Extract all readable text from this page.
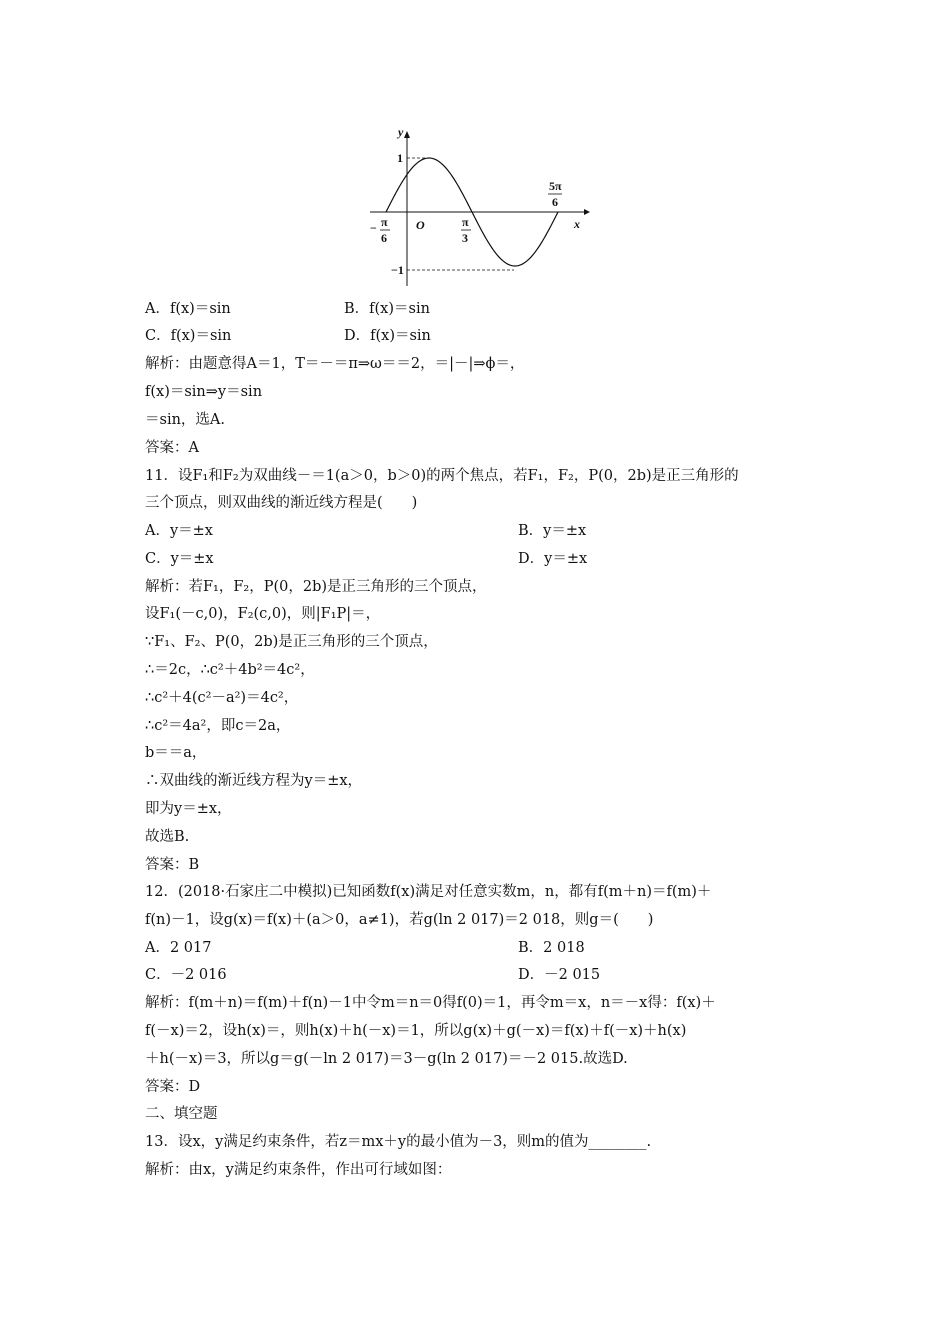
y
x
O
1
−1
− π
6
π
3
5π
6
A．f(x)＝sin	B．f(x)＝sin
C．f(x)＝sin	D．f(x)＝sin
解析：由题意得A＝1，T＝－＝π⇒ω＝＝2，＝|－|⇒ϕ＝，
f(x)＝sin⇒y＝sin
＝sin，选A.
答案：A
11．设F₁和F₂为双曲线－＝1(a＞0，b＞0)的两个焦点，若F₁，F₂，P(0，2b)是正三角形的
三个顶点，则双曲线的渐近线方程是(　　)
A．y＝±x	B．y＝±x
C．y＝±x	D．y＝±x
解析：若F₁，F₂，P(0，2b)是正三角形的三个顶点，
设F₁(－c,0)，F₂(c,0)，则|F₁P|＝，
∵F₁、F₂、P(0，2b)是正三角形的三个顶点，
∴＝2c，∴c²＋4b²＝4c²，
∴c²＋4(c²－a²)＝4c²，
∴c²＝4a²，即c＝2a，
b＝＝a，
∴双曲线的渐近线方程为y＝±x，
即为y＝±x，
故选B.
答案：B
12．(2018·石家庄二中模拟)已知函数f(x)满足对任意实数m，n，都有f(m＋n)＝f(m)＋
f(n)－1，设g(x)＝f(x)＋(a＞0，a≠1)，若g(ln 2 017)＝2 018，则g＝(　　)
A．2 017	B．2 018
C．－2 016	D．－2 015
解析：f(m＋n)＝f(m)＋f(n)－1中令m＝n＝0得f(0)＝1，再令m＝x，n＝－x得：f(x)＋
f(－x)＝2，设h(x)＝，则h(x)＋h(－x)＝1，所以g(x)＋g(－x)＝f(x)＋f(－x)＋h(x)
＋h(－x)＝3，所以g＝g(－ln 2 017)＝3－g(ln 2 017)＝－2 015.故选D.
答案：D
二、填空题
13．设x，y满足约束条件，若z＝mx＋y的最小值为－3，则m的值为________.
解析：由x，y满足约束条件，作出可行域如图：
